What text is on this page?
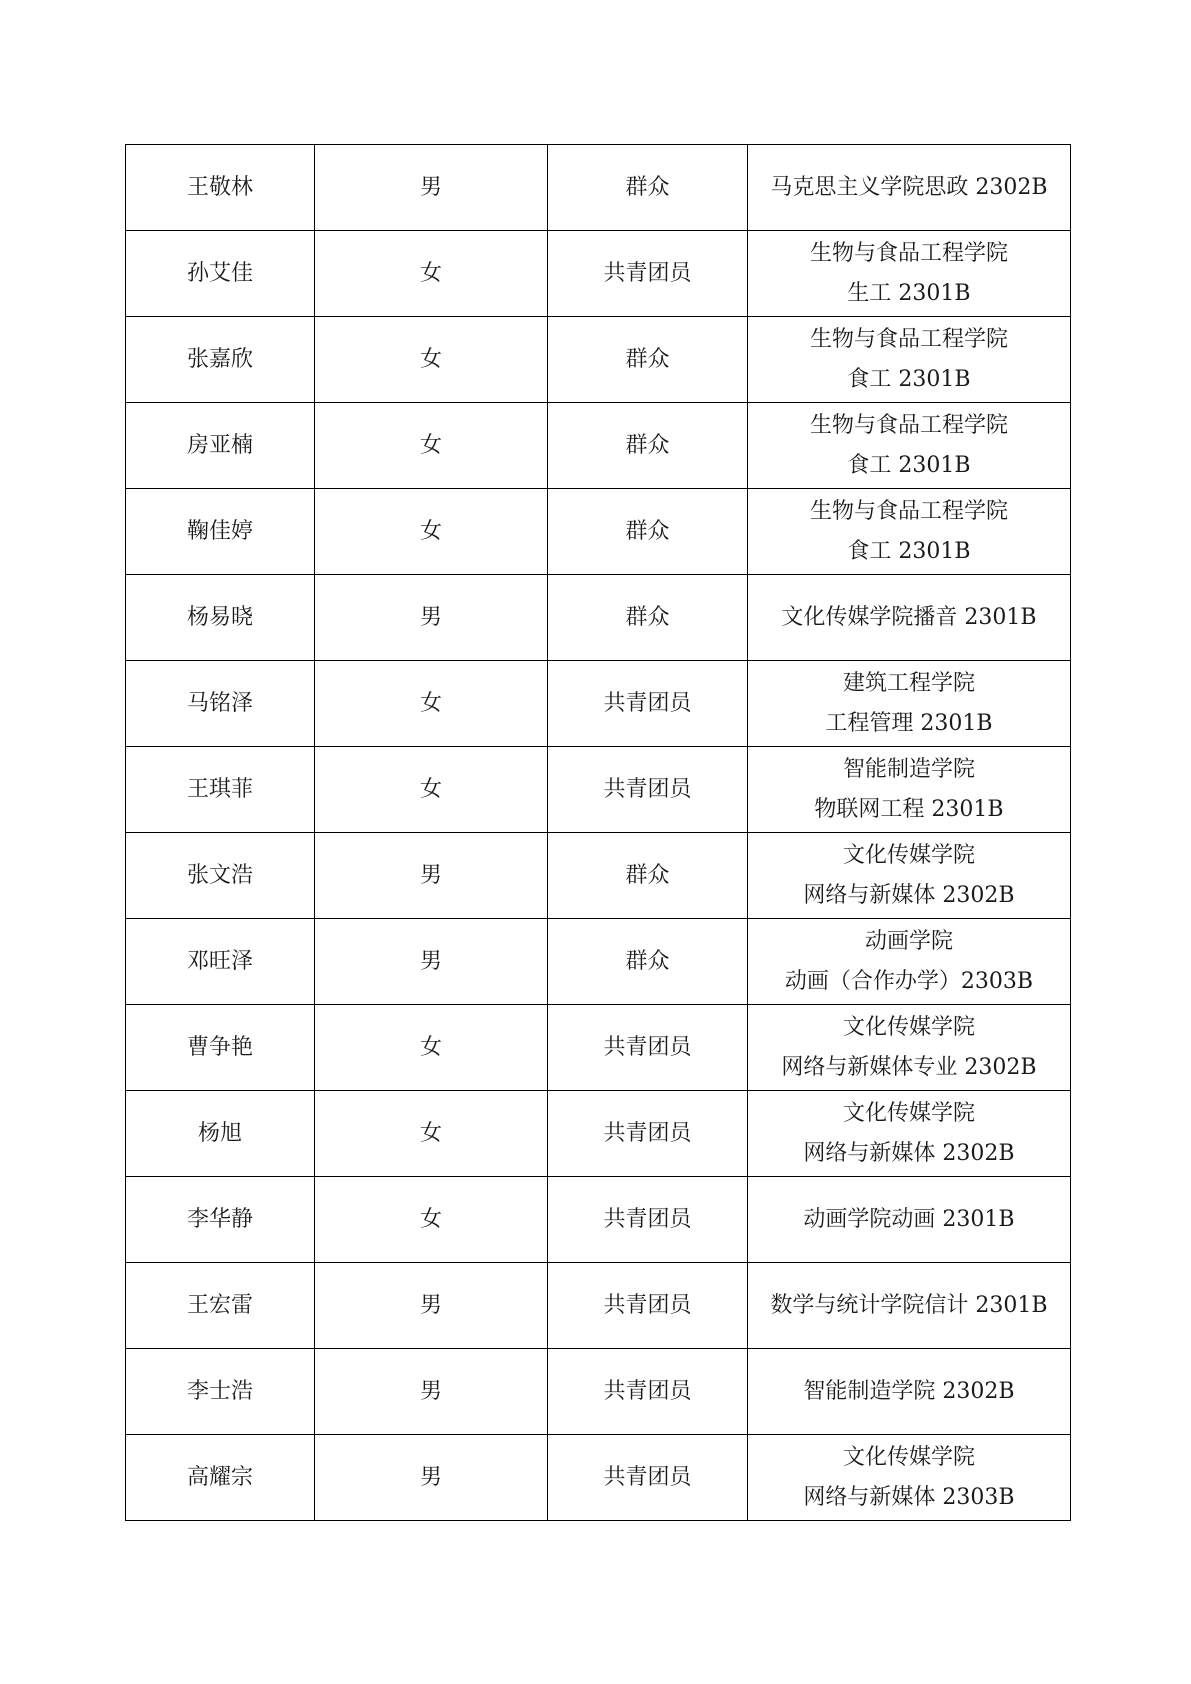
王敬林	男	群众	马克思主义学院思政 2302B

孙艾佳	女	共青团员	生物与食品工程学院
生工 2301B

张嘉欣	女	群众	生物与食品工程学院
食工 2301B

房亚楠	女	群众	生物与食品工程学院
食工 2301B

鞠佳婷	女	群众	生物与食品工程学院
食工 2301B

杨易晓	男	群众	文化传媒学院播音 2301B

马铭泽	女	共青团员	建筑工程学院
工程管理 2301B

王琪菲	女	共青团员	智能制造学院
物联网工程 2301B

张文浩	男	群众	文化传媒学院
网络与新媒体 2302B

邓旺泽	男	群众	动画学院
动画（合作办学）2303B

曹争艳	女	共青团员	文化传媒学院
网络与新媒体专业 2302B

杨旭	女	共青团员	文化传媒学院
网络与新媒体 2302B

李华静	女	共青团员	动画学院动画 2301B

王宏雷	男	共青团员	数学与统计学院信计 2301B

李士浩	男	共青团员	智能制造学院 2302B

高耀宗	男	共青团员	文化传媒学院
网络与新媒体 2303B
